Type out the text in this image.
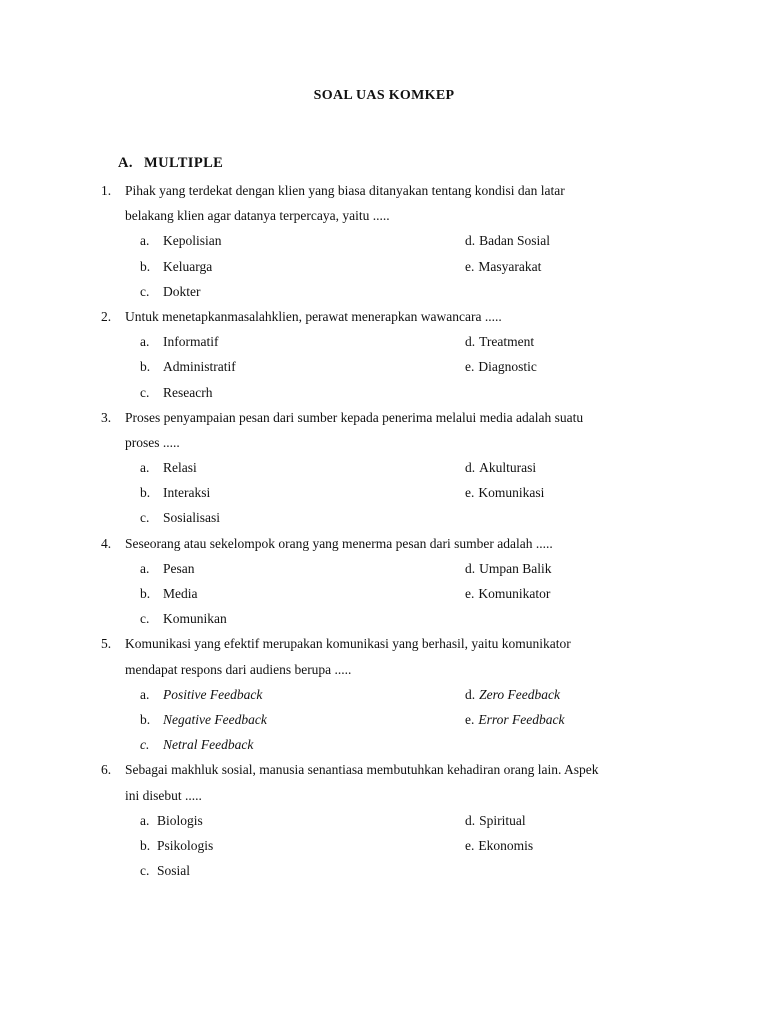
SOAL UAS KOMKEP
A. MULTIPLE
1. Pihak yang terdekat dengan klien yang biasa ditanyakan tentang kondisi dan latar
belakang klien agar datanya terpercaya, yaitu .....
a. Kepolisian	d. Badan Sosial
b. Keluarga	e. Masyarakat
c. Dokter
2. Untuk menetapkanmasalahklien, perawat menerapkan wawancara .....
a. Informatif	d. Treatment
b. Administratif	e. Diagnostic
c. Reseacrh
3. Proses penyampaian pesan dari sumber kepada penerima melalui media adalah suatu
proses .....
a. Relasi	d. Akulturasi
b. Interaksi	e. Komunikasi
c. Sosialisasi
4. Seseorang atau sekelompok orang yang menerma pesan dari sumber adalah .....
a. Pesan	d. Umpan Balik
b. Media	e. Komunikator
c. Komunikan
5. Komunikasi yang efektif merupakan komunikasi yang berhasil, yaitu komunikator
mendapat respons dari audiens berupa .....
a. Positive Feedback	d. Zero Feedback
b. Negative Feedback	e. Error Feedback
c. Netral Feedback
6. Sebagai makhluk sosial, manusia senantiasa membutuhkan kehadiran orang lain. Aspek
ini disebut .....
a. Biologis	d. Spiritual
b. Psikologis	e. Ekonomis
c. Sosial
